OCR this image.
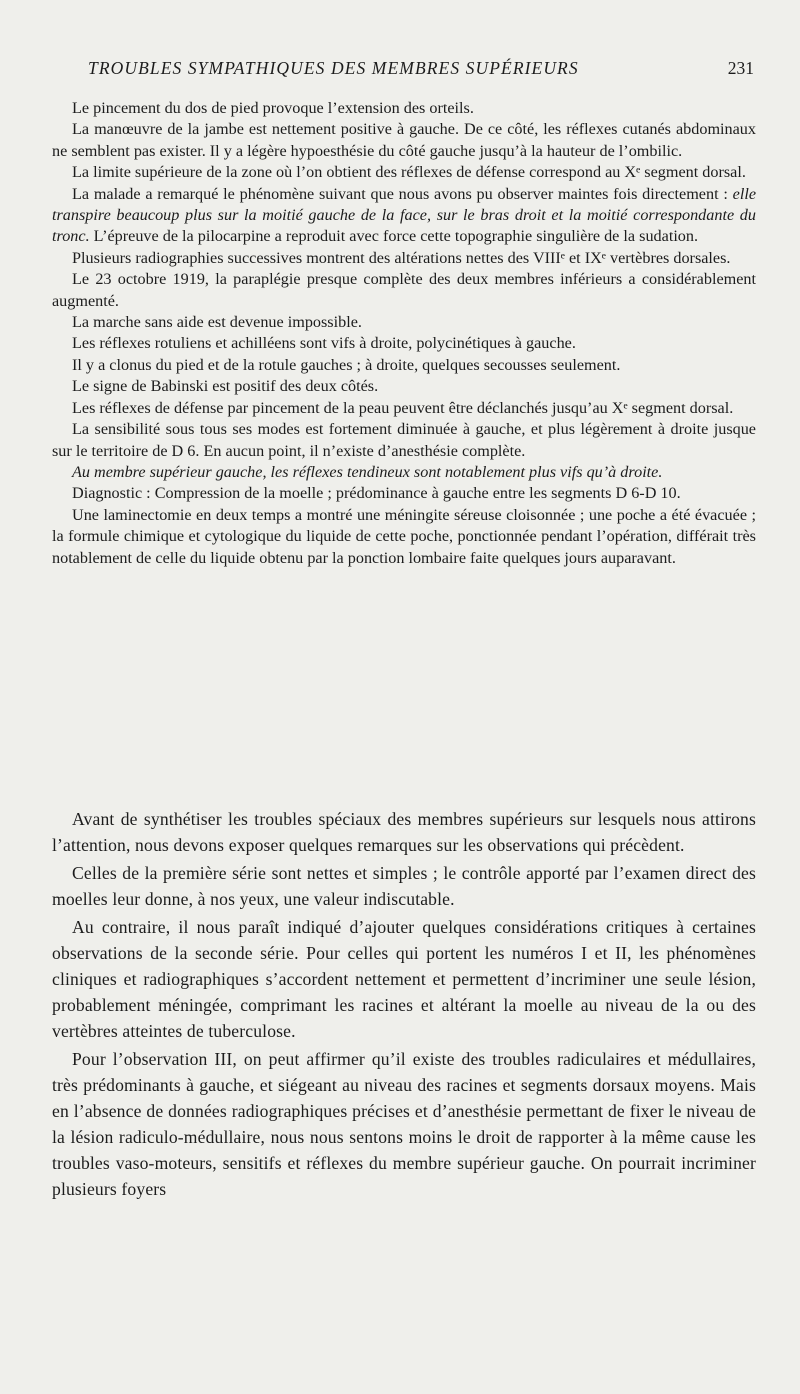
TROUBLES SYMPATHIQUES DES MEMBRES SUPÉRIEURS	231

Le pincement du dos de pied provoque l’extension des orteils.

La manœuvre de la jambe est nettement positive à gauche. De ce côté, les réflexes cutanés abdominaux ne semblent pas exister. Il y a légère hypoesthésie du côté gauche jusqu’à la hauteur de l’ombilic.

La limite supérieure de la zone où l’on obtient des réflexes de défense correspond au Xᵉ segment dorsal.

La malade a remarqué le phénomène suivant que nous avons pu observer maintes fois directement : elle transpire beaucoup plus sur la moitié gauche de la face, sur le bras droit et la moitié correspondante du tronc. L’épreuve de la pilocarpine a reproduit avec force cette topographie singulière de la sudation.

Plusieurs radiographies successives montrent des altérations nettes des VIIIᵉ et IXᵉ vertèbres dorsales.

Le 23 octobre 1919, la paraplégie presque complète des deux membres inférieurs a considérablement augmenté.

La marche sans aide est devenue impossible.

Les réflexes rotuliens et achilléens sont vifs à droite, polycinétiques à gauche.

Il y a clonus du pied et de la rotule gauches ; à droite, quelques secousses seulement.

Le signe de Babinski est positif des deux côtés.

Les réflexes de défense par pincement de la peau peuvent être déclanchés jusqu’au Xᵉ segment dorsal.

La sensibilité sous tous ses modes est fortement diminuée à gauche, et plus légèrement à droite jusque sur le territoire de D 6. En aucun point, il n’existe d’anesthésie complète.

Au membre supérieur gauche, les réflexes tendineux sont notablement plus vifs qu’à droite.

Diagnostic : Compression de la moelle ; prédominance à gauche entre les segments D 6-D 10.

Une laminectomie en deux temps a montré une méningite séreuse cloisonnée ; une poche a été évacuée ; la formule chimique et cytologique du liquide de cette poche, ponctionnée pendant l’opération, différait très notablement de celle du liquide obtenu par la ponction lombaire faite quelques jours auparavant.

Avant de synthétiser les troubles spéciaux des membres supérieurs sur lesquels nous attirons l’attention, nous devons exposer quelques remarques sur les observations qui précèdent.

Celles de la première série sont nettes et simples ; le contrôle apporté par l’examen direct des moelles leur donne, à nos yeux, une valeur indiscutable.

Au contraire, il nous paraît indiqué d’ajouter quelques considérations critiques à certaines observations de la seconde série. Pour celles qui portent les numéros I et II, les phénomènes cliniques et radiographiques s’accordent nettement et permettent d’incriminer une seule lésion, probablement méningée, comprimant les racines et altérant la moelle au niveau de la ou des vertèbres atteintes de tuberculose.

Pour l’observation III, on peut affirmer qu’il existe des troubles radiculaires et médullaires, très prédominants à gauche, et siégeant au niveau des racines et segments dorsaux moyens. Mais en l’absence de données radiographiques précises et d’anesthésie permettant de fixer le niveau de la lésion radiculo-médullaire, nous nous sentons moins le droit de rapporter à la même cause les troubles vaso-moteurs, sensitifs et réflexes du membre supérieur gauche. On pourrait incriminer plusieurs foyers
